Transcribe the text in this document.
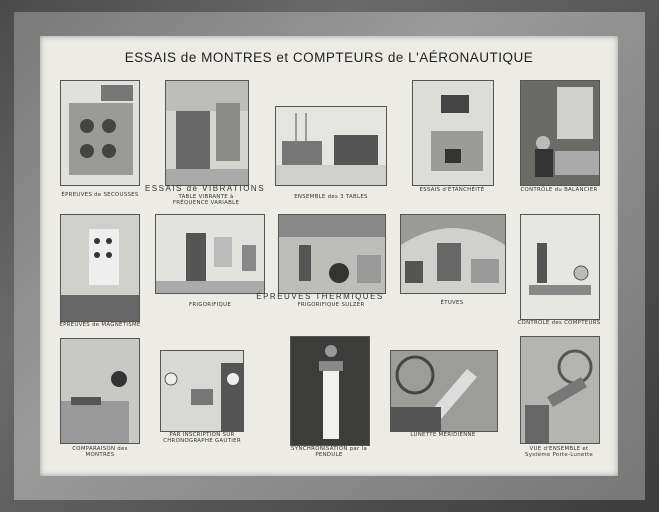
ESSAIS de MONTRES et COMPTEURS de L'AÉRONAUTIQUE
ÉPREUVES de SECOUSSES
ESSAIS de VIBRATIONS
TABLE VIBRANTE à FRÉQUENCE VARIABLE
ENSEMBLE des 3 TABLES
ESSAIS d'ÉTANCHÉITÉ	CONTRÔLE du BALANCIER
ÉPREUVES de MAGNÉTISME
ÉPREUVES THERMIQUES
FRIGORIFIQUE	FRIGORIFIQUE SULZER	ÉTUVES
CONTRÔLE des COMPTEURS
COMPARAISON des MONTRES
PAR INSCRIPTION SUR CHRONOGRAPHE GAUTIER
SYNCHRONISATION par la PENDULE
LUNETTE MÉRIDIENNE
VUE d'ENSEMBLE et Système Porte-Lunette
